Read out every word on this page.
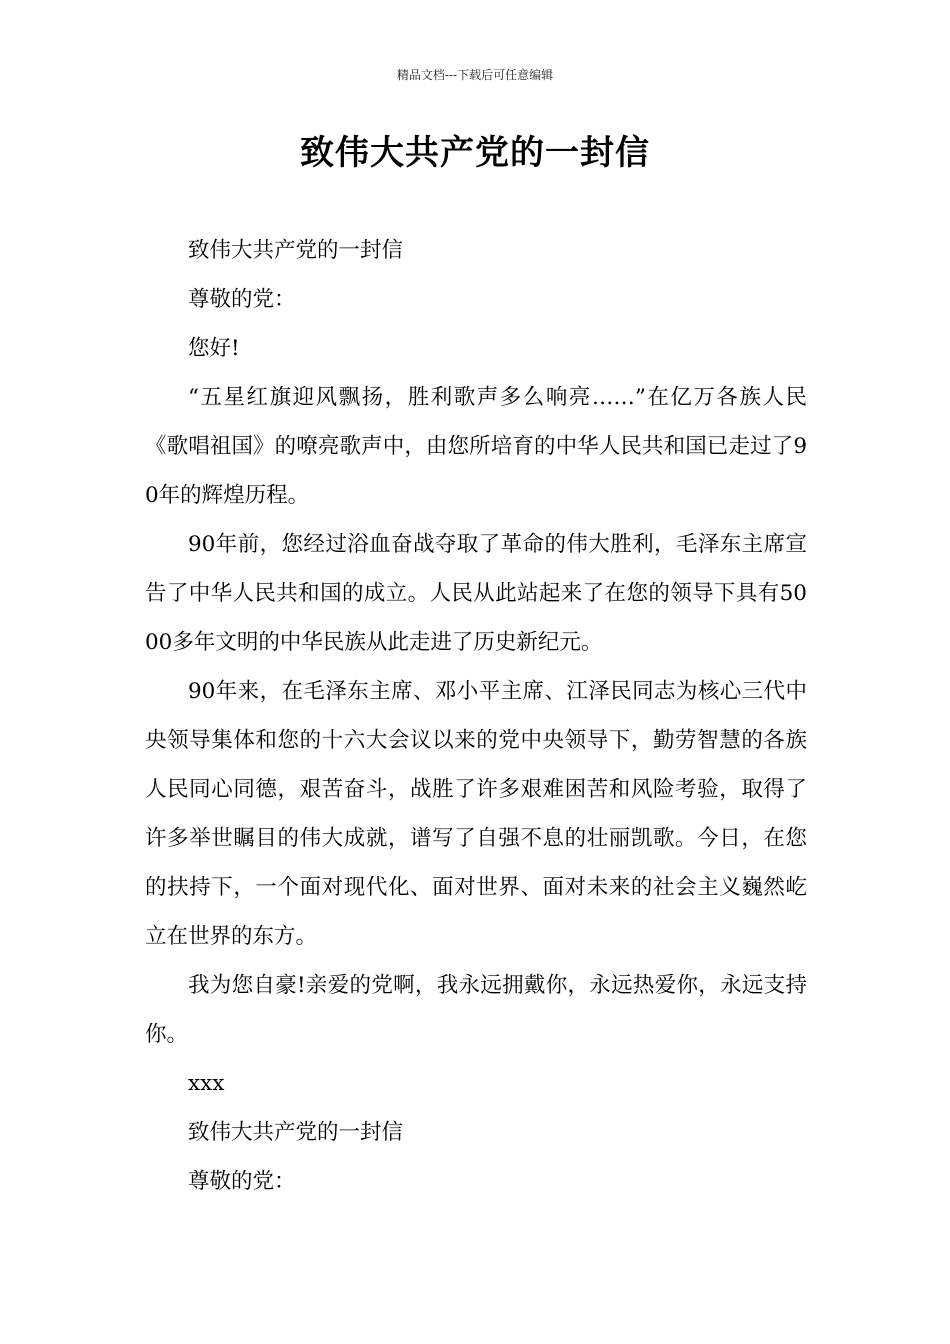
精品文档---下载后可任意编辑
致伟大共产党的一封信

致伟大共产党的一封信

尊敬的党：

您好!

“五星红旗迎风飘扬，胜利歌声多么响亮……”在亿万各族人民《歌唱祖国》的嘹亮歌声中，由您所培育的中华人民共和国已走过了90年的辉煌历程。

90年前，您经过浴血奋战夺取了革命的伟大胜利，毛泽东主席宣告了中华人民共和国的成立。人民从此站起来了在您的领导下具有5000多年文明的中华民族从此走进了历史新纪元。

90年来，在毛泽东主席、邓小平主席、江泽民同志为核心三代中央领导集体和您的十六大会议以来的党中央领导下，勤劳智慧的各族人民同心同德，艰苦奋斗，战胜了许多艰难困苦和风险考验，取得了许多举世瞩目的伟大成就，谱写了自强不息的壮丽凯歌。今日，在您的扶持下，一个面对现代化、面对世界、面对未来的社会主义巍然屹立在世界的东方。

我为您自豪!亲爱的党啊，我永远拥戴你，永远热爱你，永远支持你。

xxx

致伟大共产党的一封信

尊敬的党：
